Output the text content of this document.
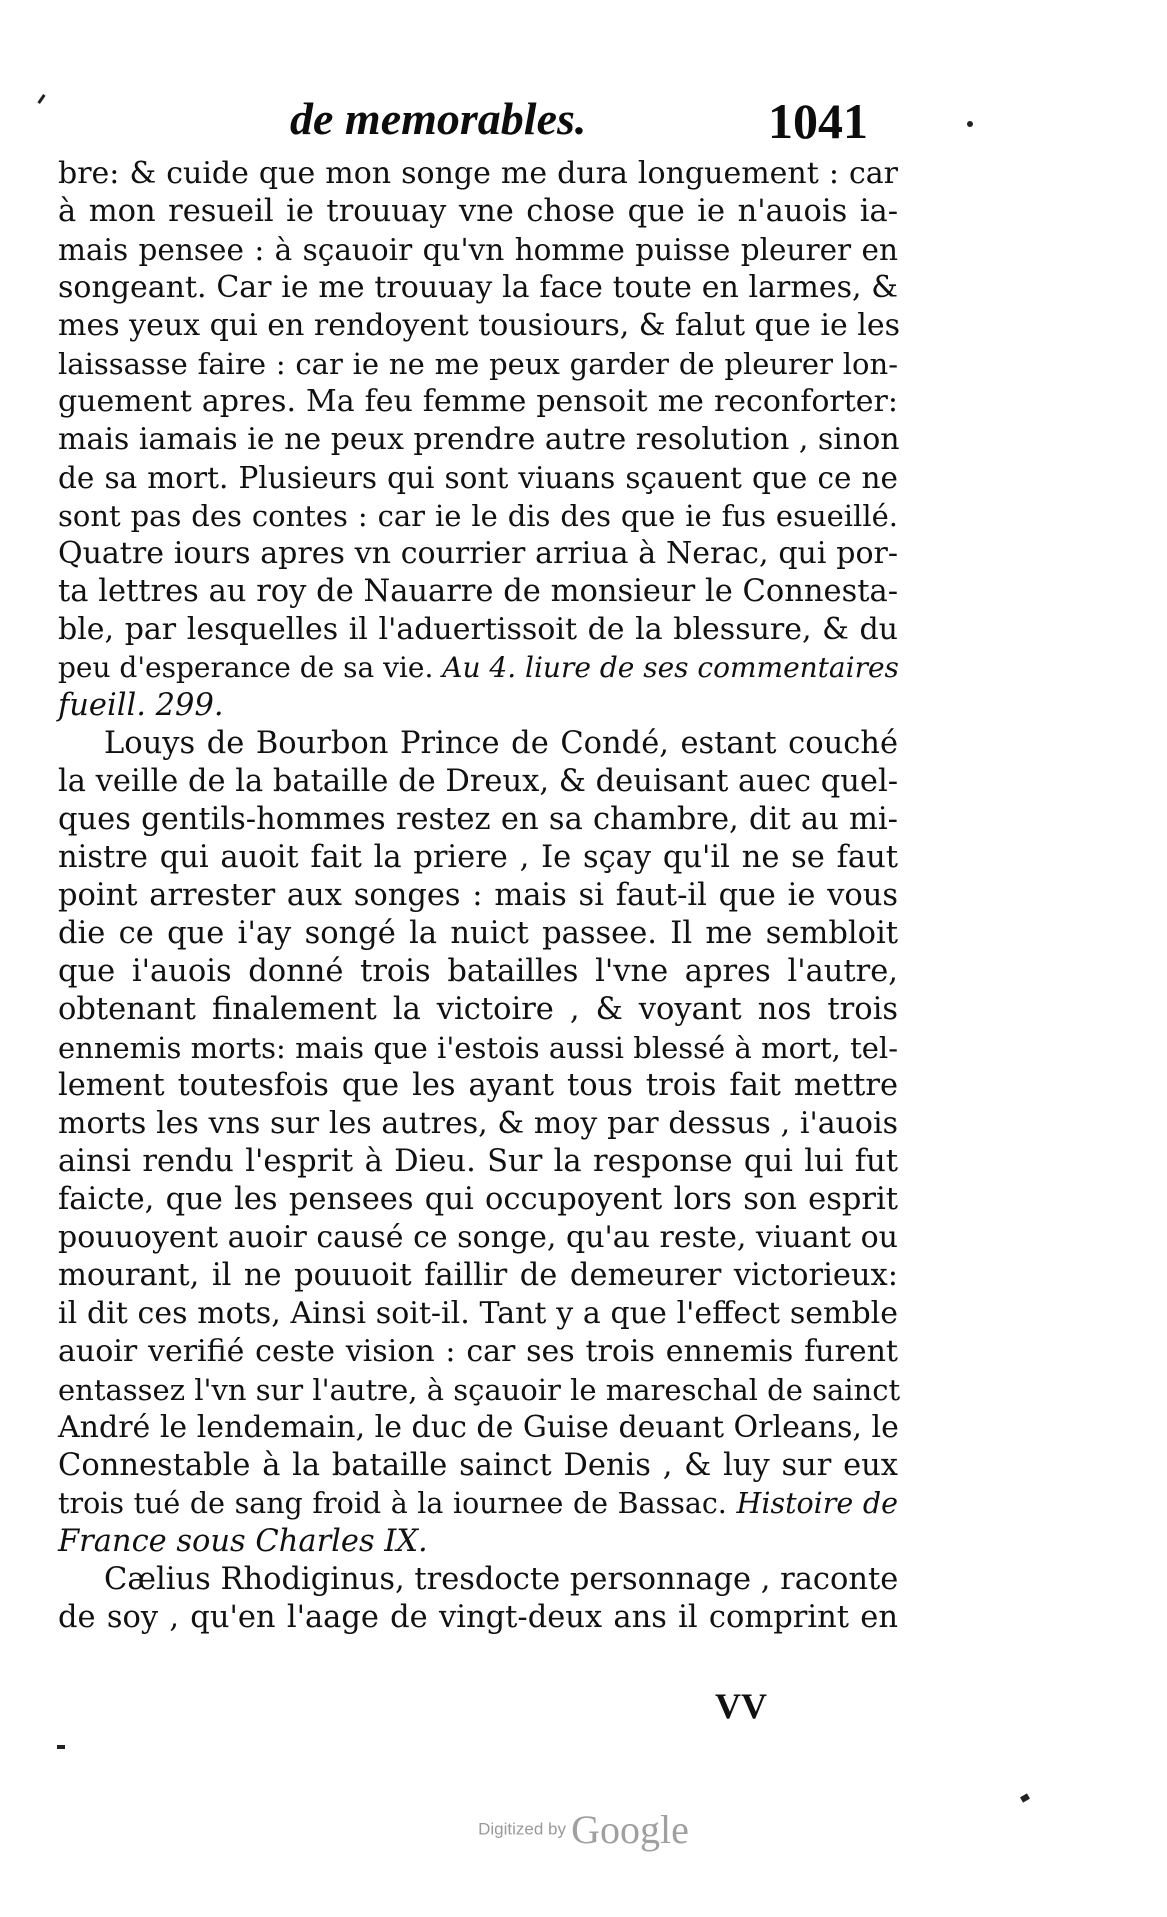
de memorables.	1041
bre: & cuide que mon songe me dura longuement : car
à mon resueil ie trouuay vne chose que ie n'auois ia-
mais pensee : à sçauoir qu'vn homme puisse pleurer en
songeant. Car ie me trouuay la face toute en larmes, &
mes yeux qui en rendoyent tousiours, & falut que ie les
laissasse faire : car ie ne me peux garder de pleurer lon-
guement apres. Ma feu femme pensoit me reconforter:
mais iamais ie ne peux prendre autre resolution , sinon
de sa mort. Plusieurs qui sont viuans sçauent que ce ne
sont pas des contes : car ie le dis des que ie fus esueillé.
Quatre iours apres vn courrier arriua à Nerac, qui por-
ta lettres au roy de Nauarre de monsieur le Connesta-
ble, par lesquelles il l'aduertissoit de la blessure, & du
peu d'esperance de sa vie. Au 4. liure de ses commentaires
fueill. 299.
Louys de Bourbon Prince de Condé, estant couché
la veille de la bataille de Dreux, & deuisant auec quel-
ques gentils-hommes restez en sa chambre, dit au mi-
nistre qui auoit fait la priere , Ie sçay qu'il ne se faut
point arrester aux songes : mais si faut-il que ie vous
die ce que i'ay songé la nuict passee. Il me sembloit
que i'auois donné trois batailles l'vne apres l'autre,
obtenant finalement la victoire , & voyant nos trois
ennemis morts: mais que i'estois aussi blessé à mort, tel-
lement toutesfois que les ayant tous trois fait mettre
morts les vns sur les autres, & moy par dessus , i'auois
ainsi rendu l'esprit à Dieu. Sur la response qui lui fut
faicte, que les pensees qui occupoyent lors son esprit
pouuoyent auoir causé ce songe, qu'au reste, viuant ou
mourant, il ne pouuoit faillir de demeurer victorieux:
il dit ces mots, Ainsi soit-il. Tant y a que l'effect semble
auoir verifié ceste vision : car ses trois ennemis furent
entassez l'vn sur l'autre, à sçauoir le mareschal de sainct
André le lendemain, le duc de Guise deuant Orleans, le
Connestable à la bataille sainct Denis , & luy sur eux
trois tué de sang froid à la iournee de Bassac. Histoire de
France sous Charles IX.
Cælius Rhodiginus, tresdocte personnage , raconte
de soy , qu'en l'aage de vingt-deux ans il comprint en
VV
Digitized by Google
